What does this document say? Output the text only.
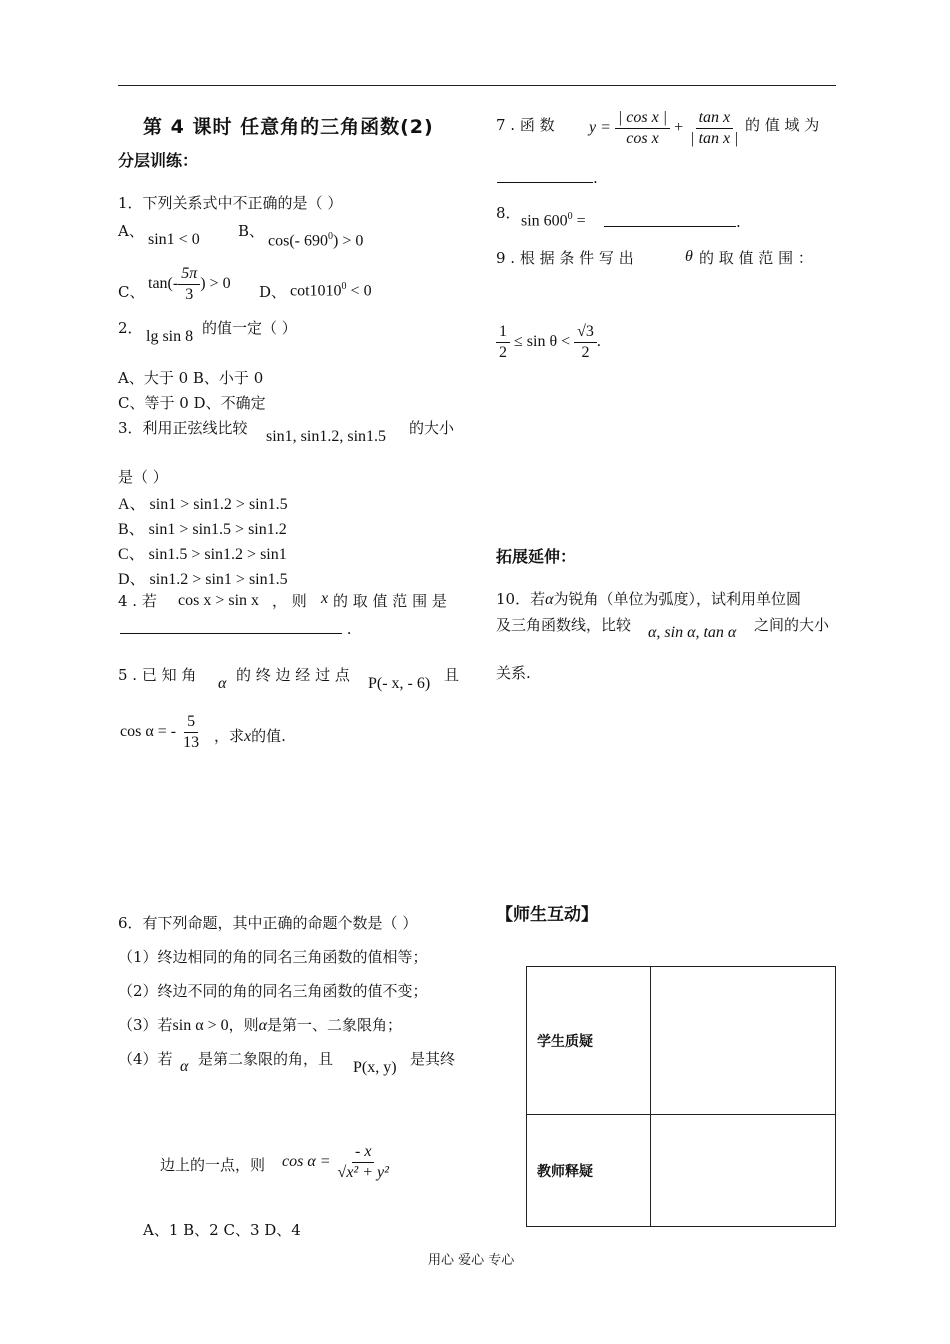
第 4 课时 任意角的三角函数(2)
分层训练：
1．下列关系式中不正确的是（ ）
A、 sin1 < 0	B、
cos(- $690^0) > 0$
C、 $\tan(- \frac{5\pi}{3}$ ) > 0 D、 $\cot 1010^0 < 0$
2． lg sin 8 的值一定（ ）
A、大于 0 B、小于 0
C、等于 0 D、不确定
3．利用正弦线比较 sin1, sin1.2, sin1.5 的大小
是（ ）
A、 sin1 > sin1.2 > sin1.5
B、 sin1 > sin1.5 > sin1.2
C、 sin1.5 > sin1.2 > sin1
D、 sin1.2 > sin1 > sin1.5
4 . 若 cos x > sin x ， 则 x 的 取 值 范 围 是
.
5 . 已 知 角 α 的 终 边 经 过 点 P(- x, - 6) 且
cos α = - $\frac{5}{13}$ ，求x的值.
6．有下列命题，其中正确的命题个数是（ ）
（1）终边相同的角的同名三角函数的值相等；
（2）终边不同的角的同名三角函数的值不变；
（3）若sin α > 0，则α是第一、二象限角；
（4）若 α 是第二象限的角，且 P(x, y) 是其终
边上的一点，则 $\cos \alpha = \frac{- x}{\text{√x² + y²}}$
A、1 B、2 C、3 D、4
7 . 函 数 $y = \frac{\text{| cos x |}}{\text{cos x}} + \frac{\text{tan x}}{\text{| tan x |}}$ 的 值 域 为
.
8． $\sin 600^0$ =	.
9 . 根 据 条 件 写 出	θ 的 取 值 范 围 ：
$\frac{1}{2} \le \sin \theta < \frac{√3}{2}$ .
拓展延伸：
10．若α为锐角（单位为弧度），试利用单位圆
及三角函数线，比较 α, sin α, tan α 之间的大小
关系.
【师生互动】
学生质疑	
教师释疑	
用心 爱心 专心
